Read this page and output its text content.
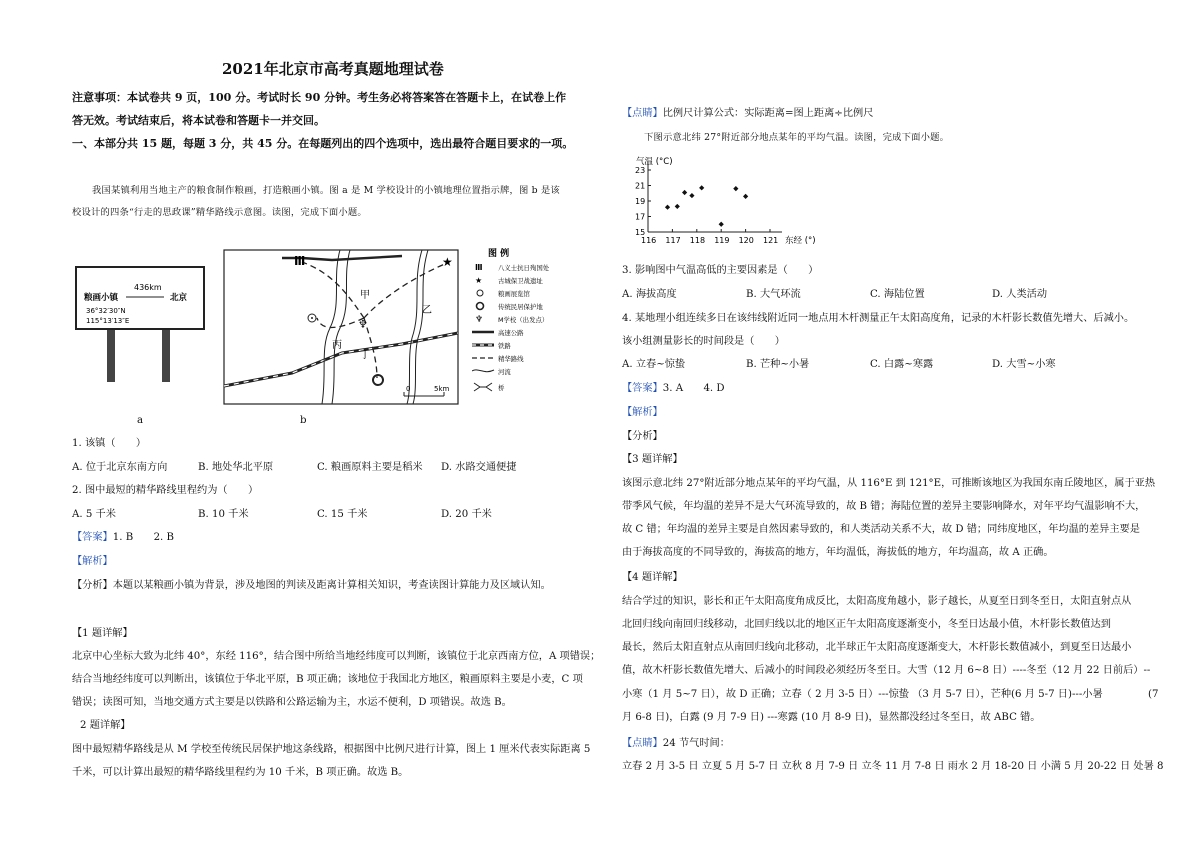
2021年北京市高考真题地理试卷
注意事项：本试卷共 9 页，100 分。考试时长 90 分钟。考生务必将答案答在答题卡上，在试卷上作
答无效。考试结束后，将本试卷和答题卡一并交回。
一、本部分共 15 题，每题 3 分，共 45 分。在每题列出的四个选项中，选出最符合题目要求的一项。
我国某镇利用当地主产的粮食制作粮画，打造粮画小镇。图 a 是 M 学校设计的小镇地理位置指示牌，图 b 是该
校设计的四条“行走的思政课”精华路线示意图。读图，完成下面小题。
436km
粮画小镇	北京
36°32′30″N
115°13′13″E
a
Ⅲ	★
♆
甲
乙
丙
丁
0	5km
b
图 例
Ⅲ 八义士抗日殉国处
★ 古城保卫战遗址
粮画展览馆
传统民居保护地
♆ M学校（出发点）
高速公路
铁路
精华路线
河流
桥
1. 该镇（　　）
A. 位于北京东南方向	B. 地处华北平原	C. 粮画原料主要是稻米 D. 水路交通便捷
2. 图中最短的精华路线里程约为（　　）
A. 5 千米	B. 10 千米	C. 15 千米	D. 20 千米
【答案】1. B　　2. B
【解析】
【分析】本题以某粮画小镇为背景，涉及地图的判读及距离计算相关知识，考查读图计算能力及区域认知。
【1 题详解】
北京中心坐标大致为北纬 40°，东经 116°，结合图中所给当地经纬度可以判断，该镇位于北京西南方位，A 项错误；
结合当地经纬度可以判断出，该镇位于华北平原，B 项正确；该地位于我国北方地区，粮画原料主要是小麦，C 项
错误；读图可知，当地交通方式主要是以铁路和公路运输为主，水运不便利，D 项错误。故选 B。
2 题详解】
图中最短精华路线是从 M 学校至传统民居保护地这条线路，根据图中比例尺进行计算，图上 1 厘米代表实际距离 5
千米，可以计算出最短的精华路线里程约为 10 千米，B 项正确。故选 B。
【点睛】比例尺计算公式：实际距离=图上距离÷比例尺
下图示意北纬 27°附近部分地点某年的平均气温。读图，完成下面小题。
气温 (°C)
东经 (°)
15
17
19
21
23
116 117 118 119 120 121
3. 影响图中气温高低的主要因素是（　　）
A. 海拔高度	B. 大气环流	C. 海陆位置	D. 人类活动
4. 某地理小组连续多日在该纬线附近同一地点用木杆测量正午太阳高度角，记录的木杆影长数值先增大、后减小。
该小组测量影长的时间段是（　　）
A. 立春~惊蛰	B. 芒种~小暑	C. 白露~寒露	D. 大雪~小寒
【答案】3. A　　4. D
【解析】
【分析】
【3 题详解】
该图示意北纬 27°附近部分地点某年的平均气温，从 116°E 到 121°E，可推断该地区为我国东南丘陵地区，属于亚热
带季风气候，年均温的差异不是大气环流导致的，故 B 错；海陆位置的差异主要影响降水，对年平均气温影响不大，
故 C 错；年均温的差异主要是自然因素导致的，和人类活动关系不大，故 D 错；同纬度地区，年均温的差异主要是
由于海拔高度的不同导致的，海拔高的地方，年均温低，海拔低的地方，年均温高，故 A 正确。
【4 题详解】
结合学过的知识，影长和正午太阳高度角成反比，太阳高度角越小，影子越长，从夏至日到冬至日，太阳直射点从
北回归线向南回归线移动，北回归线以北的地区正午太阳高度逐渐变小，冬至日达最小值，木杆影长数值达到
最长，然后太阳直射点从南回归线向北移动，北半球正午太阳高度逐渐变大，木杆影长数值减小，到夏至日达最小
值，故木杆影长数值先增大、后减小的时间段必须经历冬至日。大雪（12 月 6~8 日）----冬至（12 月 22 日前后）--
小寒（1 月 5~7 日），故 D 正确；立春（ 2 月 3-5 日）---惊蛰 （3 月 5-7 日），芒种(6 月 5-7 日)---小暑	(7
月 6-8 日)，白露 (9 月 7-9 日) ---寒露 (10 月 8-9 日)，显然都没经过冬至日，故 ABC 错。
【点睛】24 节气时间：
立春 2 月 3-5 日 立夏 5 月 5-7 日 立秋 8 月 7-9 日 立冬 11 月 7-8 日 雨水 2 月 18-20 日 小满 5 月 20-22 日 处暑 8
